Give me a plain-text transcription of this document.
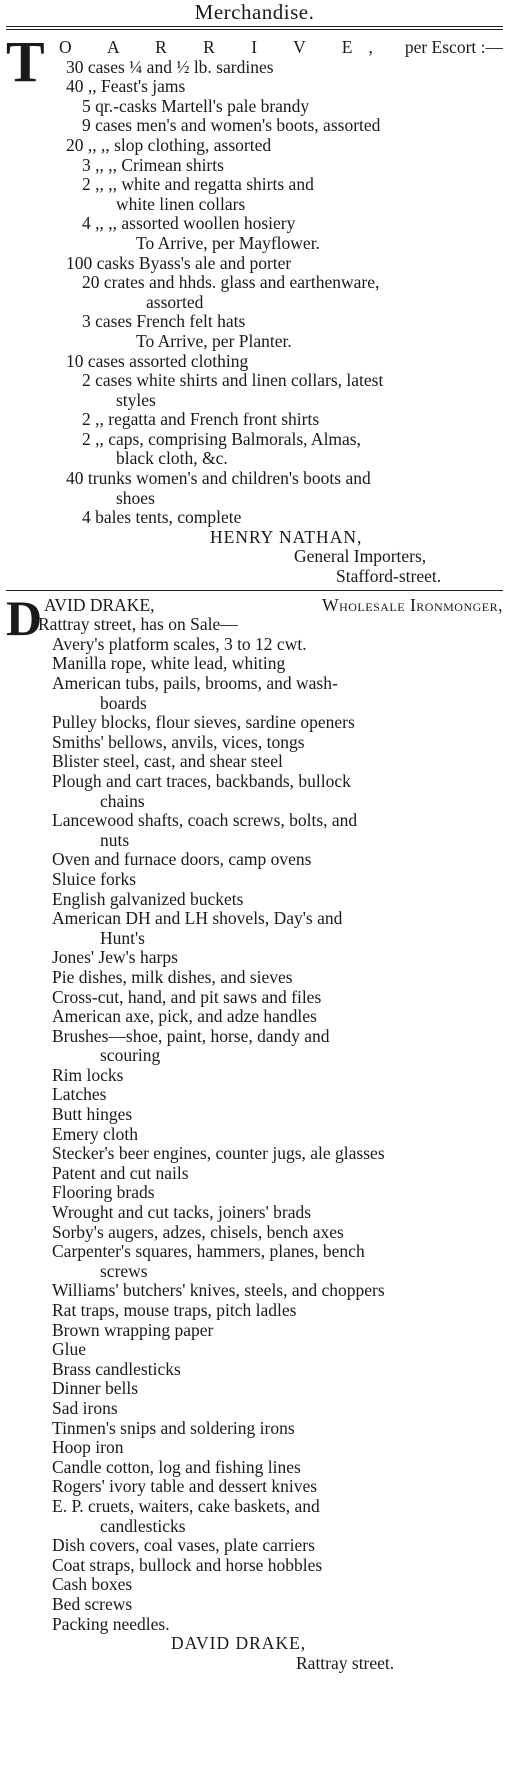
Merchandise.
T O A R R I V E, per Escort :—
30 cases ¼ and ½ lb. sardines
40 ,, Feast's jams
5 qr.-casks Martell's pale brandy
9 cases men's and women's boots, assorted
20 ,, ,, slop clothing, assorted
3 ,, ,, Crimean shirts
2 ,, ,, white and regatta shirts and
white linen collars
4 ,, ,, assorted woollen hosiery
To Arrive, per Mayflower.
100 casks Byass's ale and porter
20 crates and hhds. glass and earthenware,
assorted
3 cases French felt hats
To Arrive, per Planter.
10 cases assorted clothing
2 cases white shirts and linen collars, latest
styles
2 ,, regatta and French front shirts
2 ,, caps, comprising Balmorals, Almas,
black cloth, &c.
40 trunks women's and children's boots and
shoes
4 bales tents, complete
HENRY NATHAN,
General Importers,
Stafford-street.
D AVID DRAKE,	Wholesale Ironmonger,
Rattray street, has on Sale—
Avery's platform scales, 3 to 12 cwt.
Manilla rope, white lead, whiting
American tubs, pails, brooms, and wash-
boards
Pulley blocks, flour sieves, sardine openers
Smiths' bellows, anvils, vices, tongs
Blister steel, cast, and shear steel
Plough and cart traces, backbands, bullock
chains
Lancewood shafts, coach screws, bolts, and
nuts
Oven and furnace doors, camp ovens
Sluice forks
English galvanized buckets
American DH and LH shovels, Day's and
Hunt's
Jones' Jew's harps
Pie dishes, milk dishes, and sieves
Cross-cut, hand, and pit saws and files
American axe, pick, and adze handles
Brushes—shoe, paint, horse, dandy and
scouring
Rim locks
Latches
Butt hinges
Emery cloth
Stecker's beer engines, counter jugs, ale glasses
Patent and cut nails
Flooring brads
Wrought and cut tacks, joiners' brads
Sorby's augers, adzes, chisels, bench axes
Carpenter's squares, hammers, planes, bench
screws
Williams' butchers' knives, steels, and choppers
Rat traps, mouse traps, pitch ladles
Brown wrapping paper
Glue
Brass candlesticks
Dinner bells
Sad irons
Tinmen's snips and soldering irons
Hoop iron
Candle cotton, log and fishing lines
Rogers' ivory table and dessert knives
E. P. cruets, waiters, cake baskets, and
candlesticks
Dish covers, coal vases, plate carriers
Coat straps, bullock and horse hobbles
Cash boxes
Bed screws
Packing needles.
DAVID DRAKE,
Rattray street.
